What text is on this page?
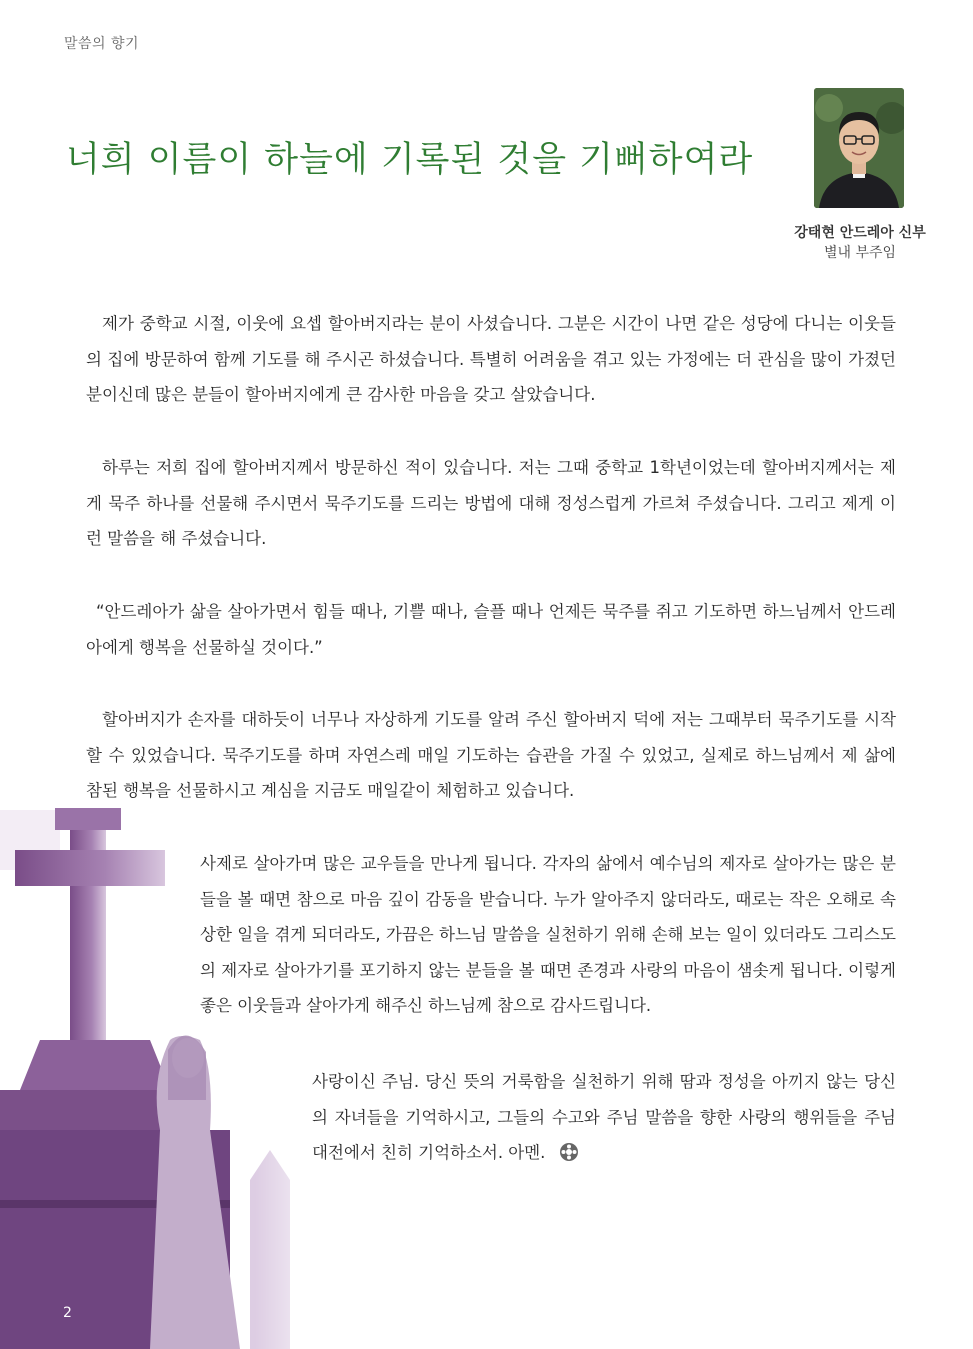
말씀의 향기
너희 이름이 하늘에 기록된 것을 기뻐하여라
강태현 안드레아 신부
별내 부주임

제가 중학교 시절, 이웃에 요셉 할아버지라는 분이 사셨습니다. 그분은 시간이 나면 같은 성당에 다니는 이웃들의 집에 방문하여 함께 기도를 해 주시곤 하셨습니다. 특별히 어려움을 겪고 있는 가정에는 더 관심을 많이 가졌던 분이신데 많은 분들이 할아버지에게 큰 감사한 마음을 갖고 살았습니다.

하루는 저희 집에 할아버지께서 방문하신 적이 있습니다. 저는 그때 중학교 1학년이었는데 할아버지께서는 제게 묵주 하나를 선물해 주시면서 묵주기도를 드리는 방법에 대해 정성스럽게 가르쳐 주셨습니다. 그리고 제게 이런 말씀을 해 주셨습니다.

“안드레아가 삶을 살아가면서 힘들 때나, 기쁠 때나, 슬플 때나 언제든 묵주를 쥐고 기도하면 하느님께서 안드레아에게 행복을 선물하실 것이다.”

할아버지가 손자를 대하듯이 너무나 자상하게 기도를 알려 주신 할아버지 덕에 저는 그때부터 묵주기도를 시작할 수 있었습니다. 묵주기도를 하며 자연스레 매일 기도하는 습관을 가질 수 있었고, 실제로 하느님께서 제 삶에 참된 행복을 선물하시고 계심을 지금도 매일같이 체험하고 있습니다.

사제로 살아가며 많은 교우들을 만나게 됩니다. 각자의 삶에서 예수님의 제자로 살아가는 많은 분들을 볼 때면 참으로 마음 깊이 감동을 받습니다. 누가 알아주지 않더라도, 때로는 작은 오해로 속상한 일을 겪게 되더라도, 가끔은 하느님 말씀을 실천하기 위해 손해 보는 일이 있더라도 그리스도의 제자로 살아가기를 포기하지 않는 분들을 볼 때면 존경과 사랑의 마음이 샘솟게 됩니다. 이렇게 좋은 이웃들과 살아가게 해주신 하느님께 참으로 감사드립니다.

사랑이신 주님. 당신 뜻의 거룩함을 실천하기 위해 땀과 정성을 아끼지 않는 당신의 자녀들을 기억하시고, 그들의 수고와 주님 말씀을 향한 사랑의 행위들을 주님 대전에서 친히 기억하소서. 아멘.

2
